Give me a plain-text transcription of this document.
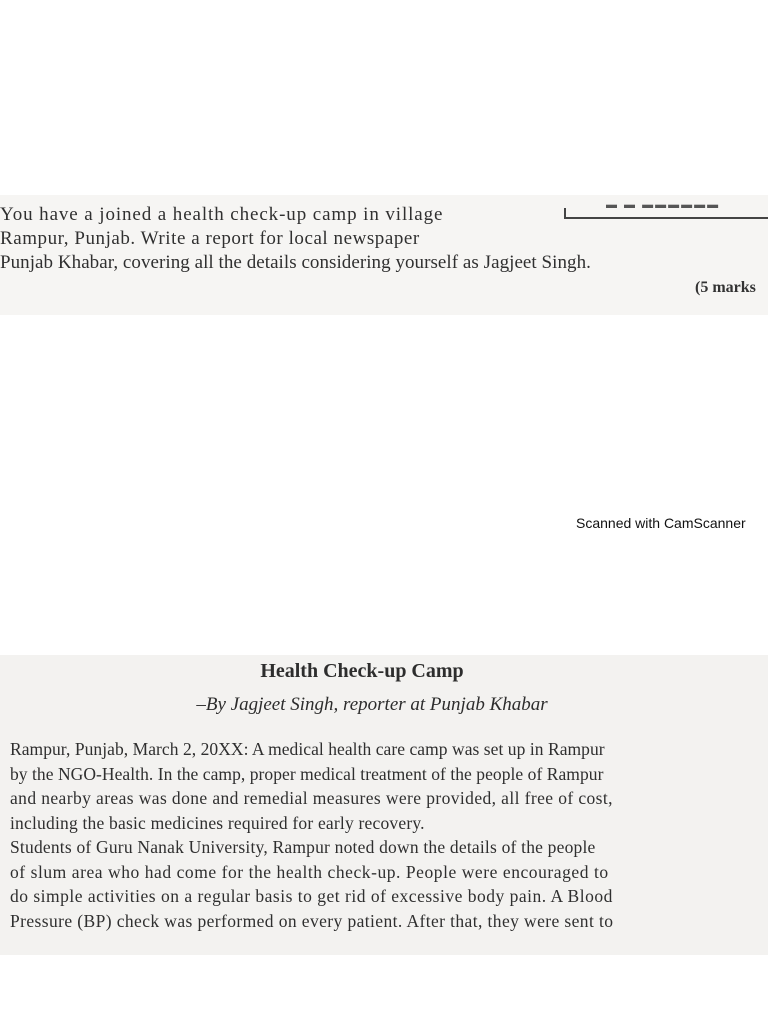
▬ ▬ ▬▬▬▬▬▬
You have a joined a health check-up camp in village
Rampur, Punjab. Write a report for local newspaper
Punjab Khabar, covering all the details considering yourself as Jagjeet Singh.
(5 marks
Scanned with CamScanner
Health Check-up Camp
–By Jagjeet Singh, reporter at Punjab Khabar
Rampur, Punjab, March 2, 20XX: A medical health care camp was set up in Rampur
by the NGO-Health. In the camp, proper medical treatment of the people of Rampur
and nearby areas was done and remedial measures were provided, all free of cost,
including the basic medicines required for early recovery.
Students of Guru Nanak University, Rampur noted down the details of the people
of slum area who had come for the health check-up. People were encouraged to
do simple activities on a regular basis to get rid of excessive body pain. A Blood
Pressure (BP) check was performed on every patient. After that, they were sent to
